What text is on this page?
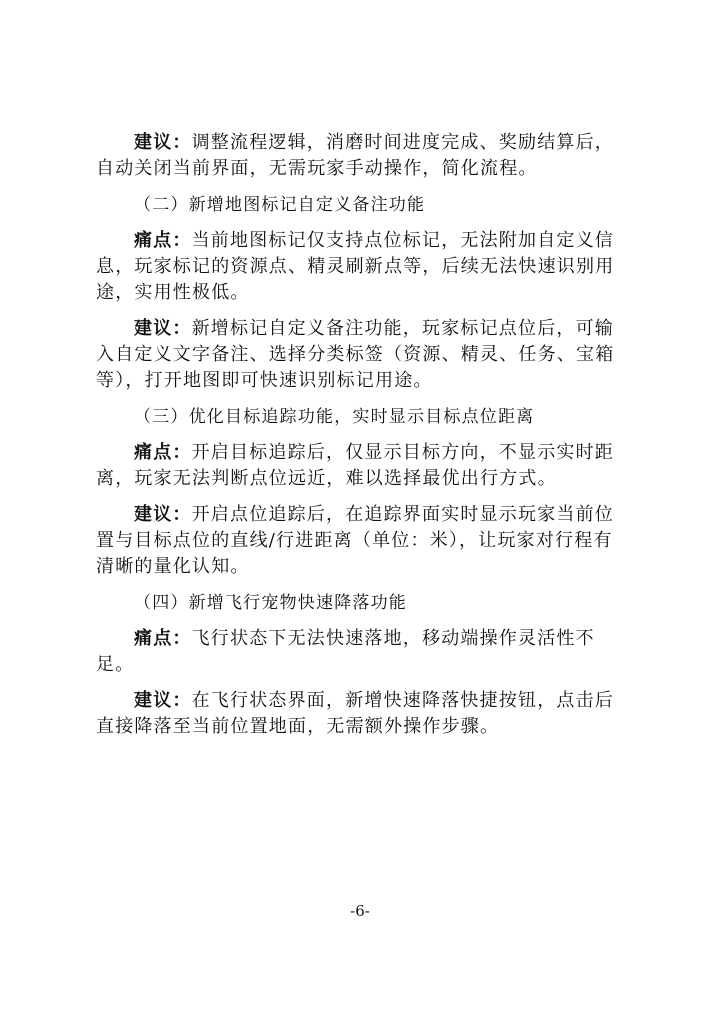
建议：调整流程逻辑，消磨时间进度完成、奖励结算后，

自动关闭当前界面，无需玩家手动操作，简化流程。

（二）新增地图标记自定义备注功能

痛点：当前地图标记仅支持点位标记，无法附加自定义信

息，玩家标记的资源点、精灵刷新点等，后续无法快速识别用

途，实用性极低。

建议：新增标记自定义备注功能，玩家标记点位后，可输

入自定义文字备注、选择分类标签（资源、精灵、任务、宝箱

等），打开地图即可快速识别标记用途。

（三）优化目标追踪功能，实时显示目标点位距离

痛点：开启目标追踪后，仅显示目标方向，不显示实时距

离，玩家无法判断点位远近，难以选择最优出行方式。

建议：开启点位追踪后，在追踪界面实时显示玩家当前位

置与目标点位的直线/行进距离（单位：米），让玩家对行程有

清晰的量化认知。

（四）新增飞行宠物快速降落功能

痛点：飞行状态下无法快速落地，移动端操作灵活性不

足。

建议：在飞行状态界面，新增快速降落快捷按钮，点击后

直接降落至当前位置地面，无需额外操作步骤。

-6-
